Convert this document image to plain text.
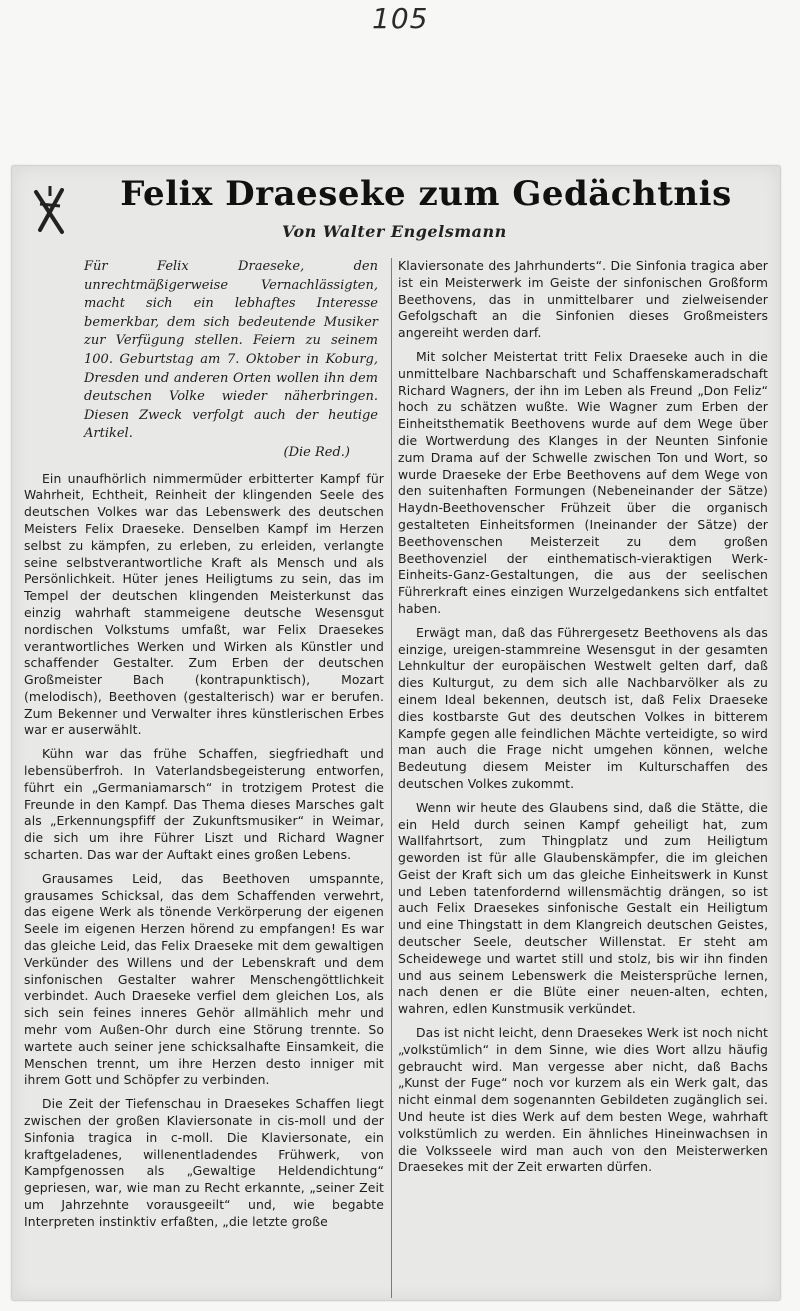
105
Felix Draeseke zum Gedächtnis
Von Walter Engelsmann

Für Felix Draeseke, den unrechtmäßigerweise Vernachlässigten, macht sich ein lebhaftes Interesse bemerkbar, dem sich bedeutende Musiker zur Verfügung stellen. Feiern zu seinem 100. Geburtstag am 7. Oktober in Koburg, Dresden und anderen Orten wollen ihn dem deutschen Volke wieder näherbringen. Diesen Zweck verfolgt auch der heutige Artikel.

(Die Red.)

Ein unaufhörlich nimmermüder erbitterter Kampf für Wahrheit, Echtheit, Reinheit der klingenden Seele des deutschen Volkes war das Lebenswerk des deutschen Meisters Felix Draeseke. Denselben Kampf im Herzen selbst zu kämpfen, zu erleben, zu erleiden, verlangte seine selbstverantwortliche Kraft als Mensch und als Persönlichkeit. Hüter jenes Heiligtums zu sein, das im Tempel der deutschen klingenden Meisterkunst das einzig wahrhaft stammeigene deutsche Wesensgut nordischen Volkstums umfaßt, war Felix Draesekes verantwortliches Werken und Wirken als Künstler und schaffender Gestalter. Zum Erben der deutschen Großmeister Bach (kontrapunktisch), Mozart (melodisch), Beethoven (gestalterisch) war er berufen. Zum Bekenner und Verwalter ihres künstlerischen Erbes war er auserwählt.

Kühn war das frühe Schaffen, siegfriedhaft und lebensüberfroh. In Vaterlandsbegeisterung entworfen, führt ein „Germaniamarsch“ in trotzigem Protest die Freunde in den Kampf. Das Thema dieses Marsches galt als „Erkennungspfiff der Zukunftsmusiker“ in Weimar, die sich um ihre Führer Liszt und Richard Wagner scharten. Das war der Auftakt eines großen Lebens.

Grausames Leid, das Beethoven umspannte, grausames Schicksal, das dem Schaffenden verwehrt, das eigene Werk als tönende Verkörperung der eigenen Seele im eigenen Herzen hörend zu empfangen! Es war das gleiche Leid, das Felix Draeseke mit dem gewaltigen Verkünder des Willens und der Lebenskraft und dem sinfonischen Gestalter wahrer Menschengöttlichkeit verbindet. Auch Draeseke verfiel dem gleichen Los, als sich sein feines inneres Gehör allmählich mehr und mehr vom Außen-Ohr durch eine Störung trennte. So wartete auch seiner jene schicksalhafte Einsamkeit, die Menschen trennt, um ihre Herzen desto inniger mit ihrem Gott und Schöpfer zu verbinden.

Die Zeit der Tiefenschau in Draesekes Schaffen liegt zwischen der großen Klaviersonate in cis-moll und der Sinfonia tragica in c-moll. Die Klaviersonate, ein kraftgeladenes, willenentladendes Frühwerk, von Kampfgenossen als „Gewaltige Heldendichtung“ gepriesen, war, wie man zu Recht erkannte, „seiner Zeit um Jahrzehnte vorausgeeilt“ und, wie begabte Interpreten instinktiv erfaßten, „die letzte große

Klaviersonate des Jahrhunderts“. Die Sinfonia tragica aber ist ein Meisterwerk im Geiste der sinfonischen Großform Beethovens, das in unmittelbarer und zielweisender Gefolgschaft an die Sinfonien dieses Großmeisters angereiht werden darf.

Mit solcher Meistertat tritt Felix Draeseke auch in die unmittelbare Nachbarschaft und Schaffenskameradschaft Richard Wagners, der ihn im Leben als Freund „Don Feliz“ hoch zu schätzen wußte. Wie Wagner zum Erben der Einheitsthematik Beethovens wurde auf dem Wege über die Wortwerdung des Klanges in der Neunten Sinfonie zum Drama auf der Schwelle zwischen Ton und Wort, so wurde Draeseke der Erbe Beethovens auf dem Wege von den suitenhaften Formungen (Nebeneinander der Sätze) Haydn-Beethovenscher Frühzeit über die organisch gestalteten Einheitsformen (Ineinander der Sätze) der Beethovenschen Meisterzeit zu dem großen Beethovenziel der einthematisch-vieraktigen Werk-Einheits-Ganz-Gestaltungen, die aus der seelischen Führerkraft eines einzigen Wurzelgedankens sich entfaltet haben.

Erwägt man, daß das Führergesetz Beethovens als das einzige, ureigen-stammreine Wesensgut in der gesamten Lehnkultur der europäischen Westwelt gelten darf, daß dies Kulturgut, zu dem sich alle Nachbarvölker als zu einem Ideal bekennen, deutsch ist, daß Felix Draeseke dies kostbarste Gut des deutschen Volkes in bitterem Kampfe gegen alle feindlichen Mächte verteidigte, so wird man auch die Frage nicht umgehen können, welche Bedeutung diesem Meister im Kulturschaffen des deutschen Volkes zukommt.

Wenn wir heute des Glaubens sind, daß die Stätte, die ein Held durch seinen Kampf geheiligt hat, zum Wallfahrtsort, zum Thingplatz und zum Heiligtum geworden ist für alle Glaubenskämpfer, die im gleichen Geist der Kraft sich um das gleiche Einheitswerk in Kunst und Leben tatenfordernd willensmächtig drängen, so ist auch Felix Draesekes sinfonische Gestalt ein Heiligtum und eine Thingstatt in dem Klangreich deutschen Geistes, deutscher Seele, deutscher Willenstat. Er steht am Scheidewege und wartet still und stolz, bis wir ihn finden und aus seinem Lebenswerk die Meistersprüche lernen, nach denen er die Blüte einer neuen-alten, echten, wahren, edlen Kunstmusik verkündet.

Das ist nicht leicht, denn Draesekes Werk ist noch nicht „volkstümlich“ in dem Sinne, wie dies Wort allzu häufig gebraucht wird. Man vergesse aber nicht, daß Bachs „Kunst der Fuge“ noch vor kurzem als ein Werk galt, das nicht einmal dem sogenannten Gebildeten zugänglich sei. Und heute ist dies Werk auf dem besten Wege, wahrhaft volkstümlich zu werden. Ein ähnliches Hineinwachsen in die Volksseele wird man auch von den Meisterwerken Draesekes mit der Zeit erwarten dürfen.
